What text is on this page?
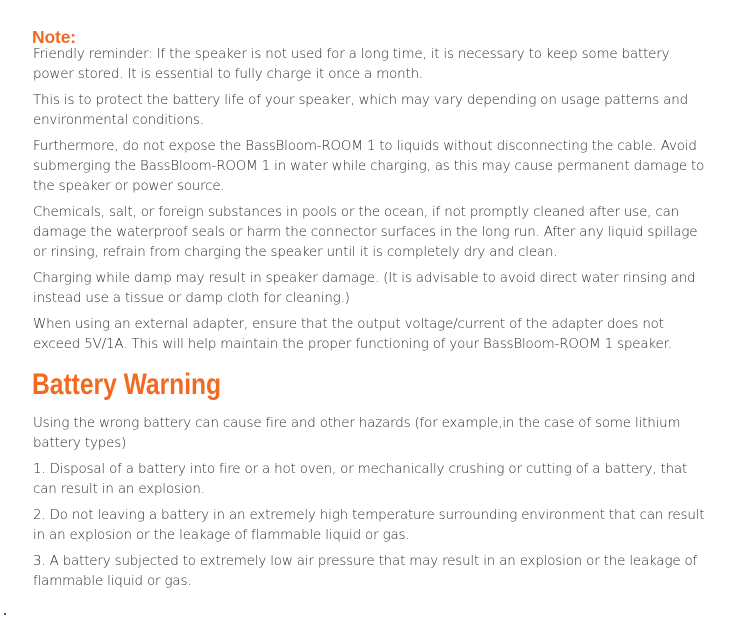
Note:

Friendly reminder: If the speaker is not used for a long time, it is necessary to keep some battery power stored. It is essential to fully charge it once a month.

This is to protect the battery life of your speaker, which may vary depending on usage patterns and environmental conditions.

Furthermore, do not expose the BassBloom-ROOM 1 to liquids without disconnecting the cable. Avoid submerging the BassBloom-ROOM 1 in water while charging, as this may cause permanent damage to the speaker or power source.

Chemicals, salt, or foreign substances in pools or the ocean, if not promptly cleaned after use, can damage the waterproof seals or harm the connector surfaces in the long run. After any liquid spillage or rinsing, refrain from charging the speaker until it is completely dry and clean.

Charging while damp may result in speaker damage. (It is advisable to avoid direct water rinsing and instead use a tissue or damp cloth for cleaning.)

When using an external adapter, ensure that the output voltage/current of the adapter does not exceed 5V/1A. This will help maintain the proper functioning of your BassBloom-ROOM 1 speaker.

Battery Warning

Using the wrong battery can cause fire and other hazards (for example,in the case of some lithium battery types)

1. Disposal of a battery into fire or a hot oven, or mechanically crushing or cutting of a battery, that can result in an explosion.

2. Do not leaving a battery in an extremely high temperature surrounding environment that can result in an explosion or the leakage of flammable liquid or gas.

3. A battery subjected to extremely low air pressure that may result in an explosion or the leakage of flammable liquid or gas.
